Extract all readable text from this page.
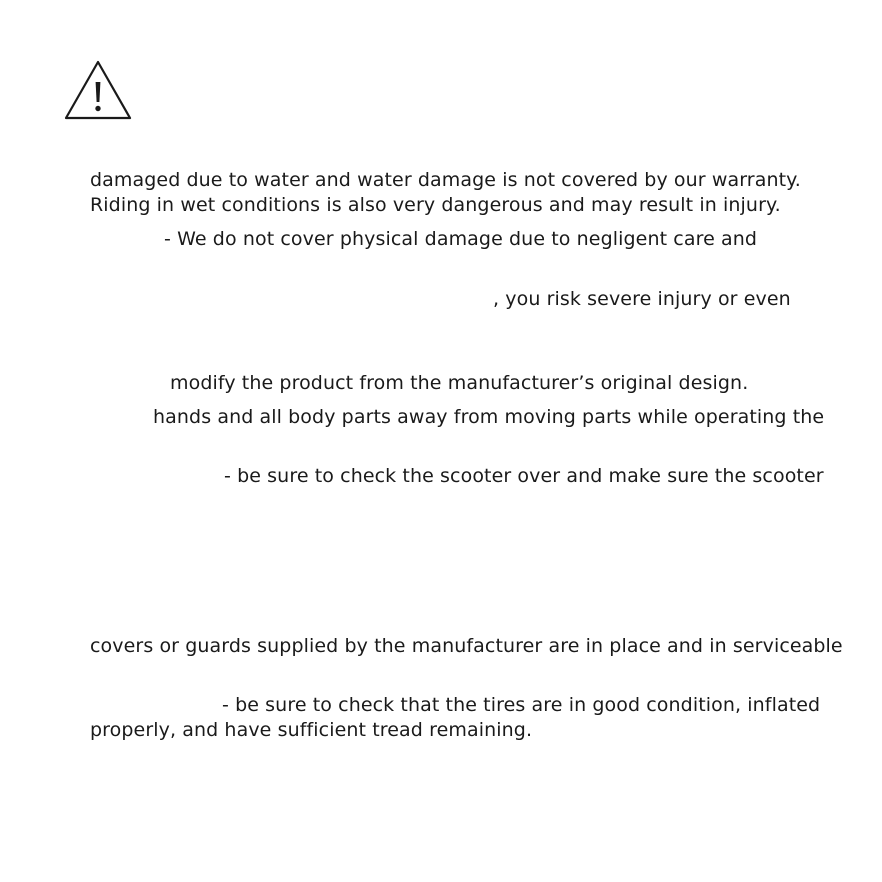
damaged due to water and water damage is not covered by our warranty.
Riding in wet conditions is also very dangerous and may result in injury.
- We do not cover physical damage due to negligent care and
, you risk severe injury or even
modify the product from the manufacturer’s original design.
hands and all body parts away from moving parts while operating the
- be sure to check the scooter over and make sure the scooter
covers or guards supplied by the manufacturer are in place and in serviceable
- be sure to check that the tires are in good condition, inflated
properly, and have sufficient tread remaining.
